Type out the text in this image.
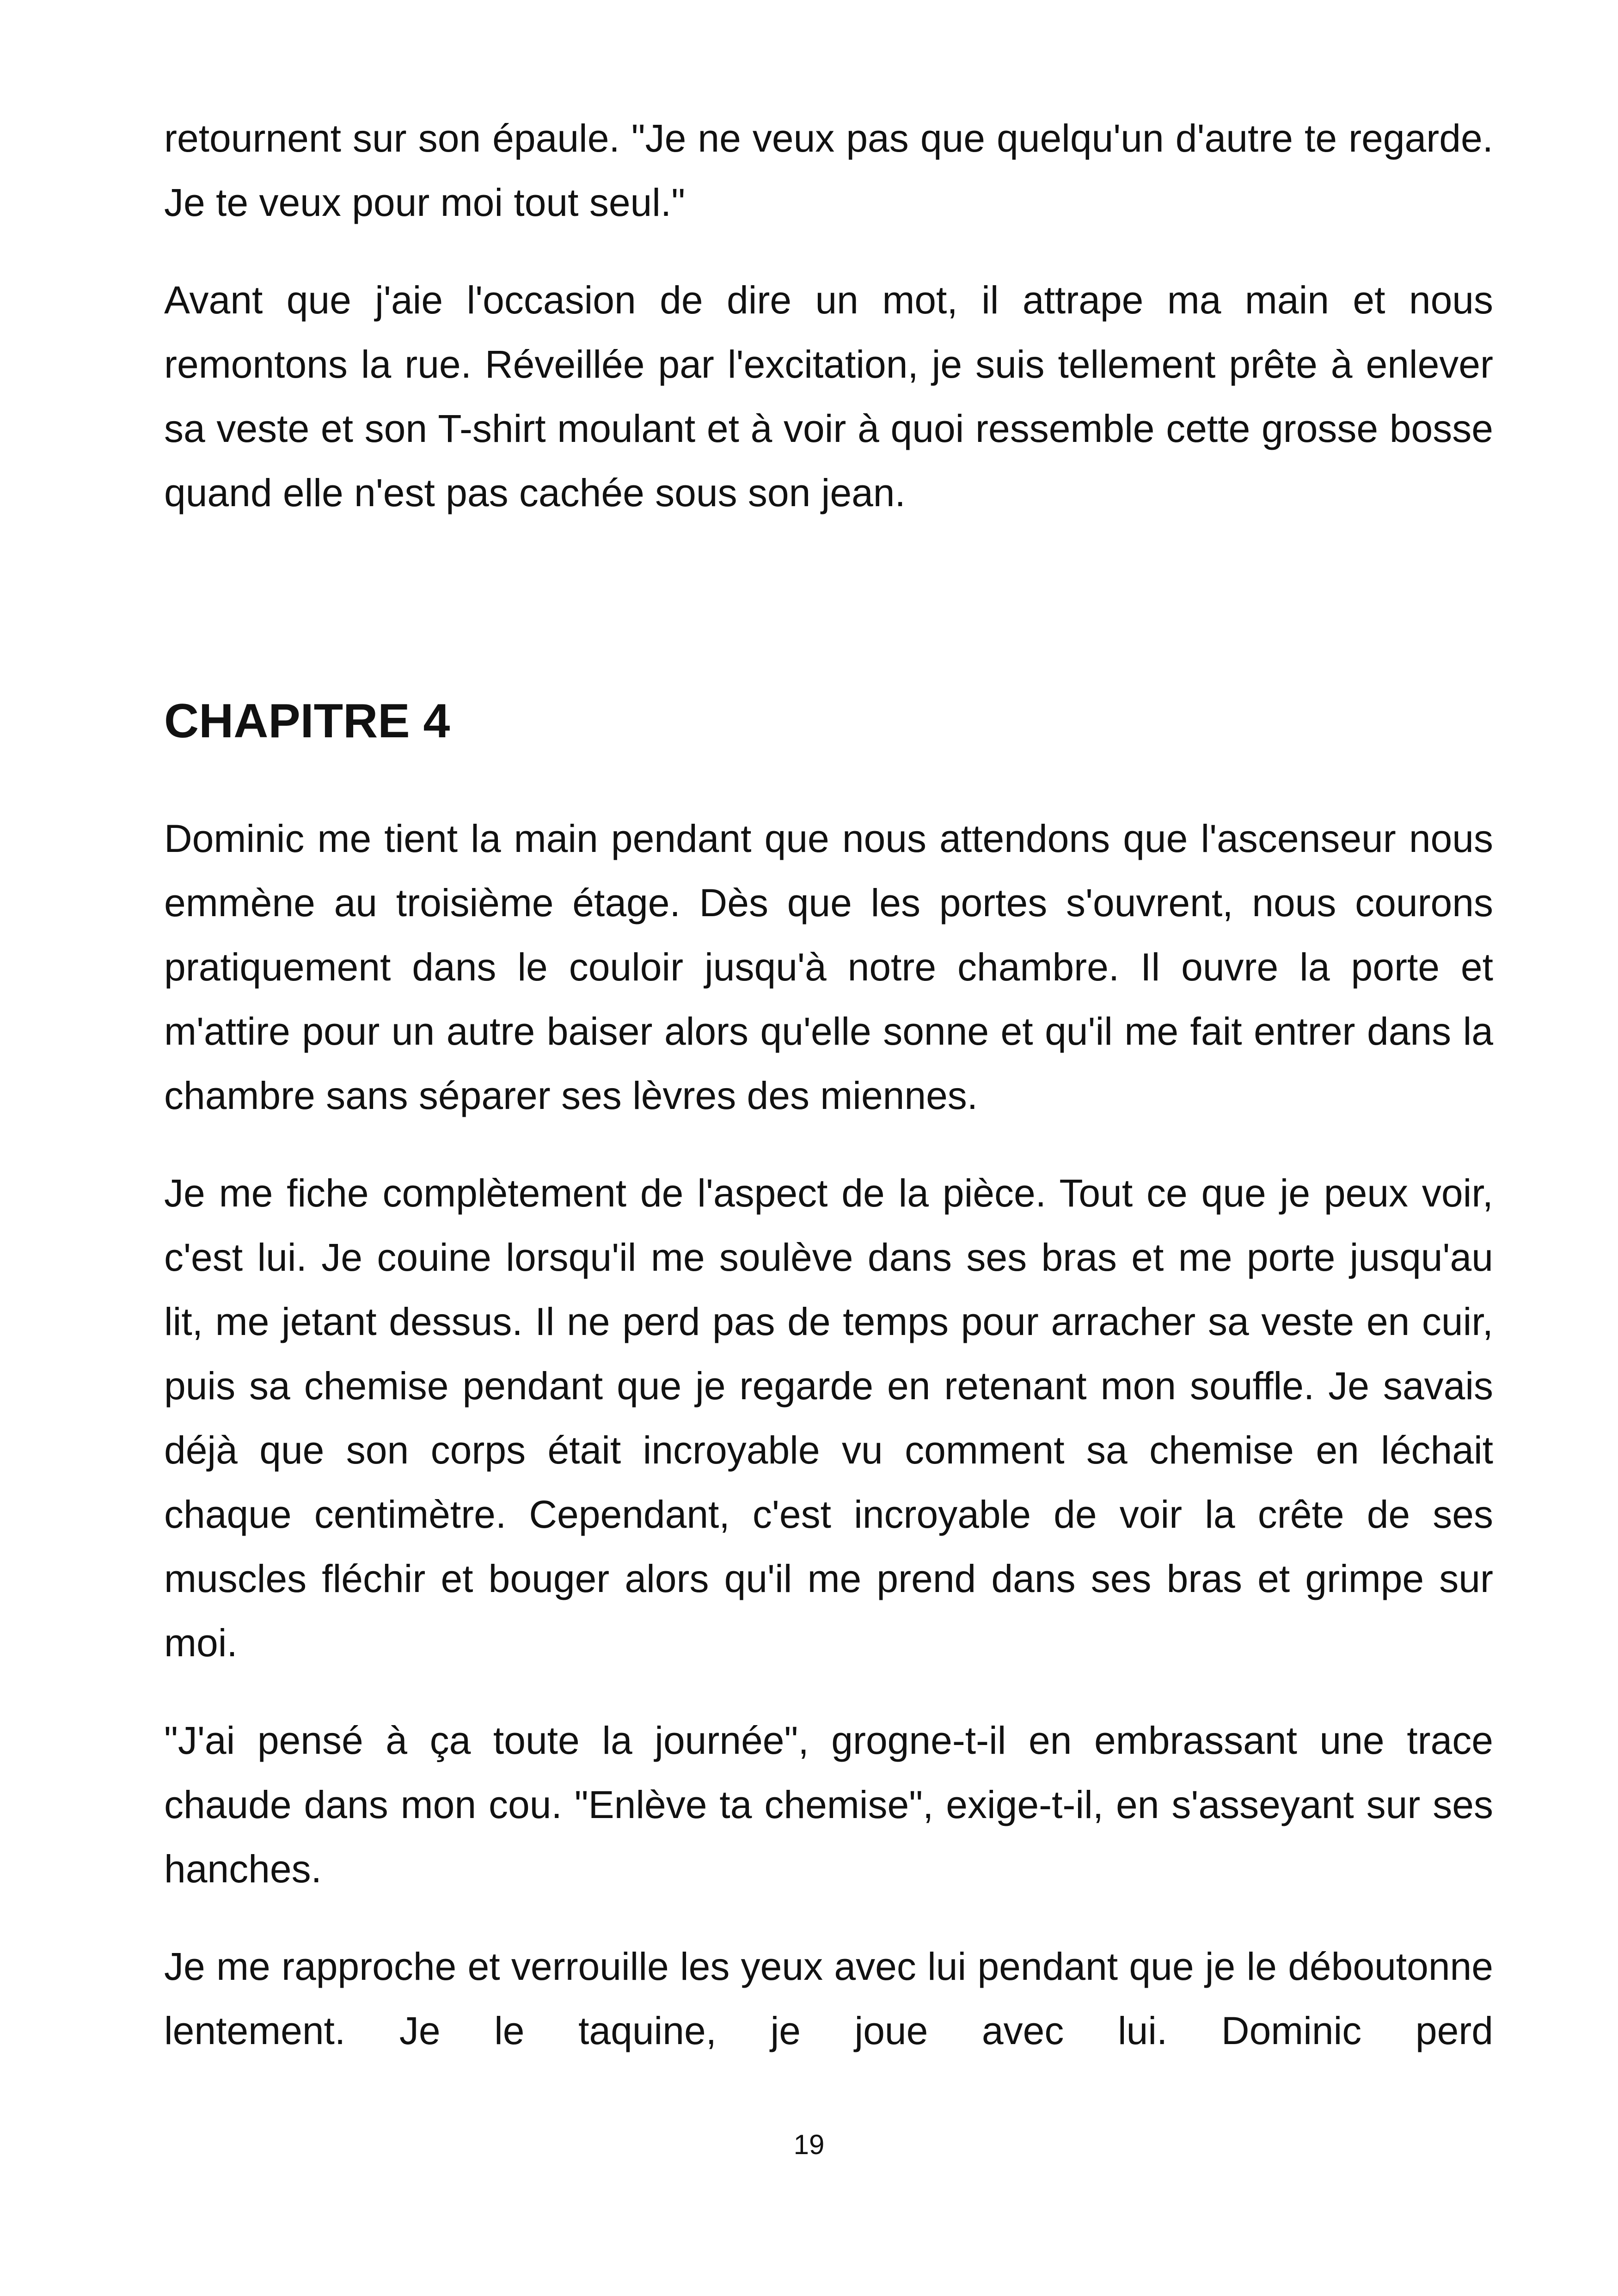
retournent sur son épaule. "Je ne veux pas que quelqu'un d'autre te regarde. Je te veux pour moi tout seul."

Avant que j'aie l'occasion de dire un mot, il attrape ma main et nous remontons la rue. Réveillée par l'excitation, je suis tellement prête à enlever sa veste et son T-shirt moulant et à voir à quoi ressemble cette grosse bosse quand elle n'est pas cachée sous son jean.

CHAPITRE 4

Dominic me tient la main pendant que nous attendons que l'ascenseur nous emmène au troisième étage. Dès que les portes s'ouvrent, nous courons pratiquement dans le couloir jusqu'à notre chambre. Il ouvre la porte et m'attire pour un autre baiser alors qu'elle sonne et qu'il me fait entrer dans la chambre sans séparer ses lèvres des miennes.

Je me fiche complètement de l'aspect de la pièce. Tout ce que je peux voir, c'est lui. Je couine lorsqu'il me soulève dans ses bras et me porte jusqu'au lit, me jetant dessus. Il ne perd pas de temps pour arracher sa veste en cuir, puis sa chemise pendant que je regarde en retenant mon souffle. Je savais déjà que son corps était incroyable vu comment sa chemise en léchait chaque centimètre. Cependant, c'est incroyable de voir la crête de ses muscles fléchir et bouger alors qu'il me prend dans ses bras et grimpe sur moi.

"J'ai pensé à ça toute la journée", grogne-t-il en embrassant une trace chaude dans mon cou. "Enlève ta chemise", exige-t-il, en s'asseyant sur ses hanches.

Je me rapproche et verrouille les yeux avec lui pendant que je le déboutonne lentement. Je le taquine, je joue avec lui. Dominic perd

19
